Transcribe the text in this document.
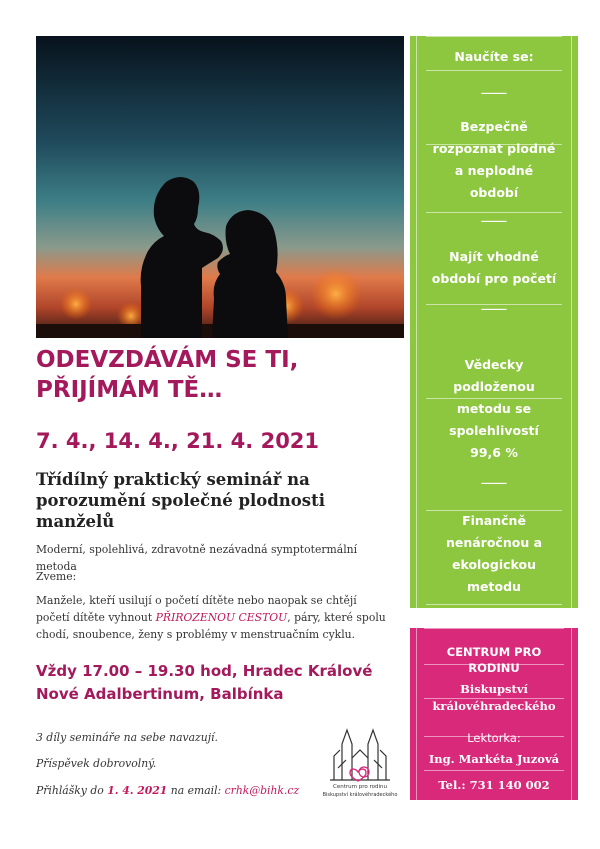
ODEVZDÁVÁM SE TI,
PŘIJÍMÁM TĚ…
7. 4., 14. 4., 21. 4. 2021
Třídílný praktický seminář na porozumění společné plodnosti manželů
Moderní, spolehlivá, zdravotně nezávadná symptotermální metoda
Zveme:
Manžele, kteří usilují o početí dítěte nebo naopak se chtějí početí dítěte vyhnout PŘIROZENOU CESTOU, páry, které spolu chodí, snoubence, ženy s problémy v menstruačním cyklu.
Vždy 17.00 – 19.30 hod, Hradec Králové
Nové Adalbertinum, Balbínka
3 díly semináře na sebe navazují.
Příspěvek dobrovolný.
Přihlášky do 1. 4. 2021 na email: crhk@bihk.cz	Centrum pro rodinu
Biskupství královéhradeckého
Naučíte se:
____
Bezpečně
rozpoznat plodné
a neplodné
období
____
Najít vhodné
období pro početí
____
Vědecky
podloženou
metodu se
spolehlivostí
99,6 %
____
Finančně
nenáročnou a
ekologickou
metodu
CENTRUM PRO
RODINU
Biskupství
královéhradeckého
Lektorka:
Ing. Markéta Juzová
Tel.: 731 140 002
